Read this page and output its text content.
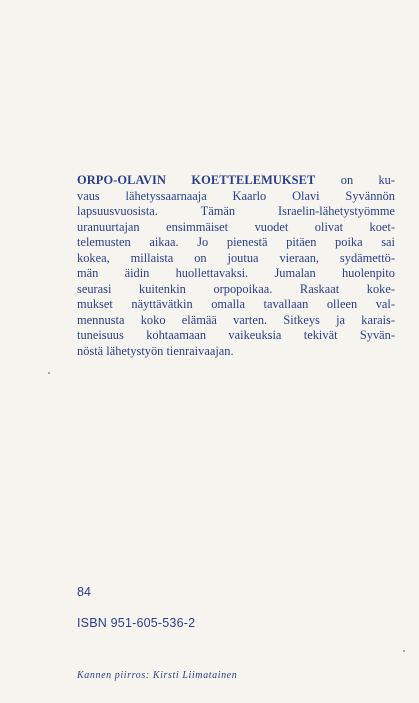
ORPO-OLAVIN KOETTELEMUKSET on ku-
vaus lähetyssaarnaaja Kaarlo Olavi Syvännön
lapsuusvuosista. Tämän Israelin-lähetystyömme
uranuurtajan ensimmäiset vuodet olivat koet-
telemusten aikaa. Jo pienestä pitäen poika sai
kokea, millaista on joutua vieraan, sydämettö-
män äidin huollettavaksi. Jumalan huolenpito
seurasi kuitenkin orpopoikaa. Raskaat koke-
mukset näyttävätkin omalla tavallaan olleen val-
mennusta koko elämää varten. Sitkeys ja karais-
tuneisuus kohtaamaan vaikeuksia tekivät Syvän-
nöstä lähetystyön tienraivaajan.
84
ISBN 951-605-536-2
Kannen piirros: Kirsti Liimatainen
